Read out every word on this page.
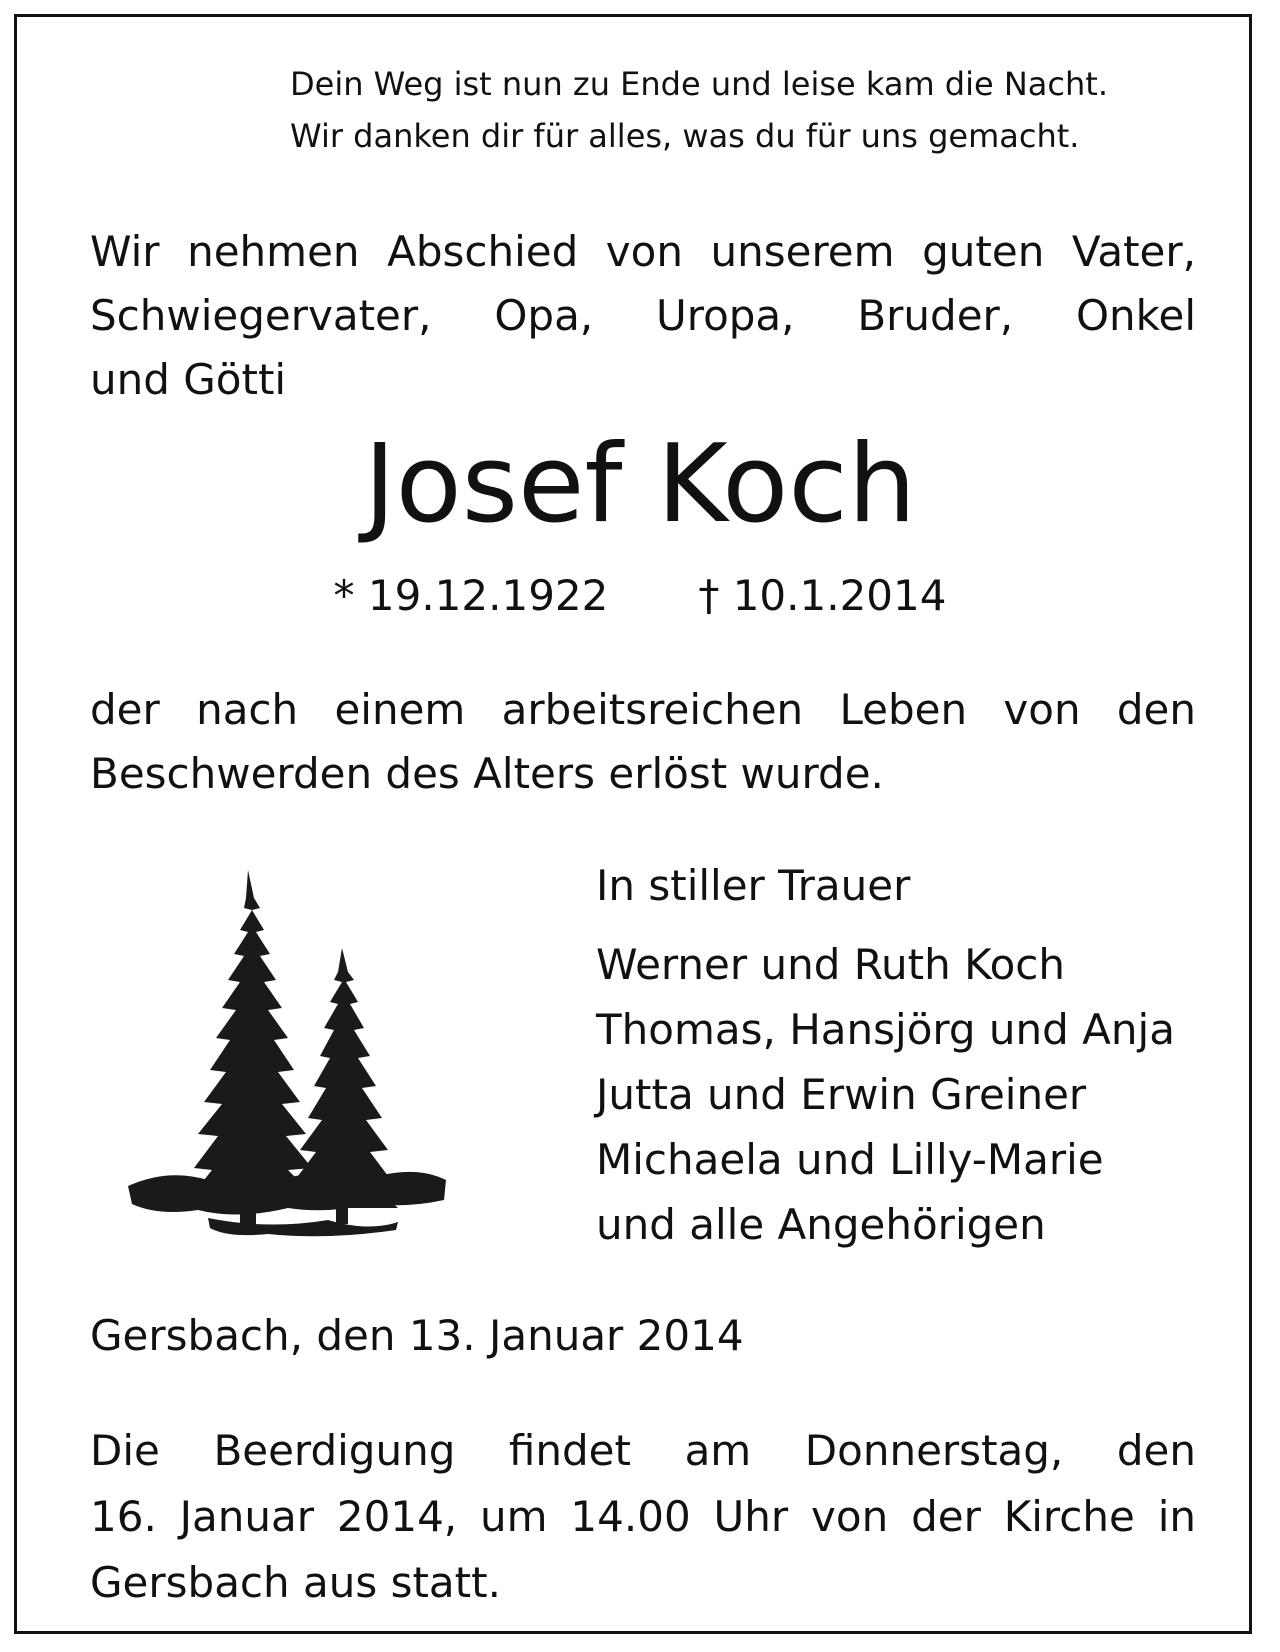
Dein Weg ist nun zu Ende und leise kam die Nacht.
Wir danken dir für alles, was du für uns gemacht.
Wir nehmen Abschied von unserem guten Vater,
Schwiegervater, Opa, Uropa, Bruder, Onkel
und Götti
Josef Koch
* 19.12.1922 † 10.1.2014
der nach einem arbeitsreichen Leben von den
Beschwerden des Alters erlöst wurde.
In stiller Trauer
Werner und Ruth Koch
Thomas, Hansjörg und Anja
Jutta und Erwin Greiner
Michaela und Lilly-Marie
und alle Angehörigen
Gersbach, den 13. Januar 2014
Die Beerdigung findet am Donnerstag, den
16. Januar 2014, um 14.00 Uhr von der Kirche in
Gersbach aus statt.
